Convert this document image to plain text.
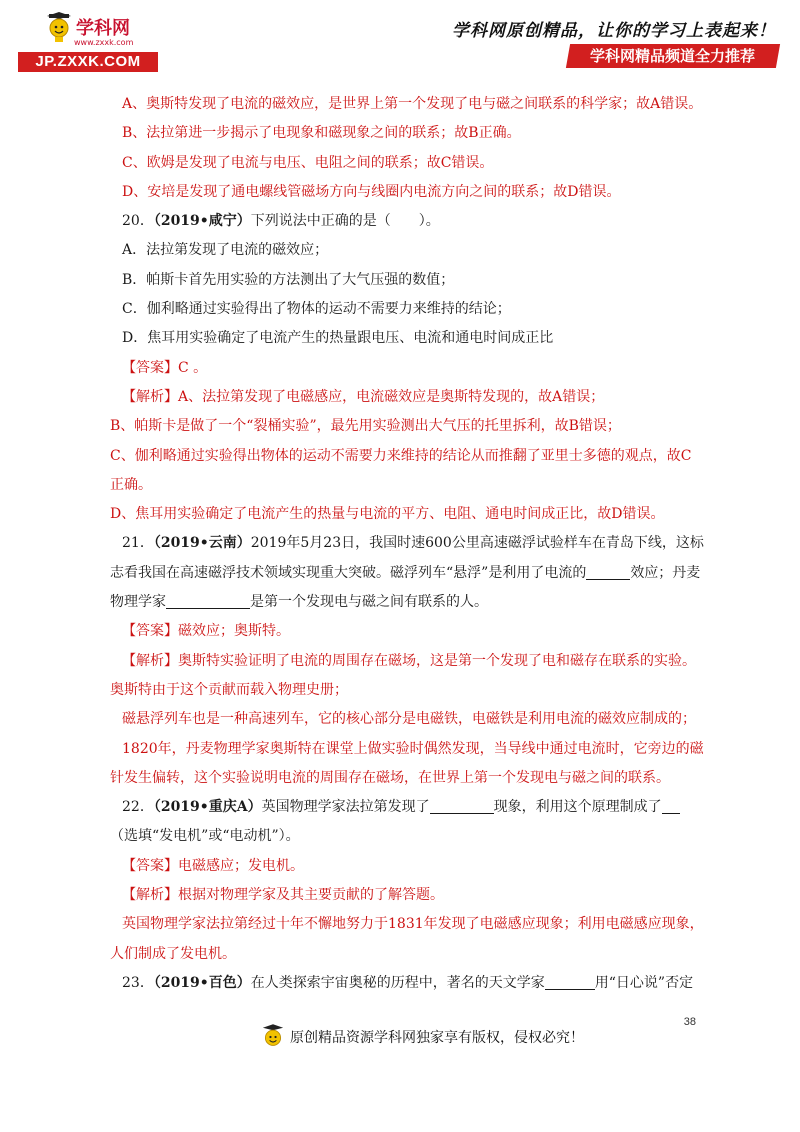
学科网
www.zxxk.com
JP.ZXXK.COM
学科网原创精品，让你的学习上表起来！
学科网精品频道全力推荐
A、奥斯特发现了电流的磁效应，是世界上第一个发现了电与磁之间联系的科学家；故A错误。
B、法拉第进一步揭示了电现象和磁现象之间的联系；故B正确。
C、欧姆是发现了电流与电压、电阻之间的联系；故C错误。
D、安培是发现了通电螺线管磁场方向与线圈内电流方向之间的联系；故D错误。
20．（2019•咸宁）下列说法中正确的是（　　）。
A．法拉第发现了电流的磁效应；
B．帕斯卡首先用实验的方法测出了大气压强的数值；
C．伽利略通过实验得出了物体的运动不需要力来维持的结论；
D．焦耳用实验确定了电流产生的热量跟电压、电流和通电时间成正比
【答案】C 。
【解析】A、法拉第发现了电磁感应，电流磁效应是奥斯特发现的，故A错误；
B、帕斯卡是做了一个“裂桶实验”，最先用实验测出大气压的托里拆利，故B错误；
C、伽利略通过实验得出物体的运动不需要力来维持的结论从而推翻了亚里士多德的观点，故C
正确。
D、焦耳用实验确定了电流产生的热量与电流的平方、电阻、通电时间成正比，故D错误。
21．（2019•云南）2019年5月23日，我国时速600公里高速磁浮试验样车在青岛下线，这标
志看我国在高速磁浮技术领域实现重大突破。磁浮列车“悬浮”是利用了电流的	效应；丹麦
物理学家	是第一个发现电与磁之间有联系的人。
【答案】磁效应；奥斯特。
【解析】奥斯特实验证明了电流的周围存在磁场，这是第一个发现了电和磁存在联系的实验。
奥斯特由于这个贡献而载入物理史册；
磁悬浮列车也是一种高速列车，它的核心部分是电磁铁，电磁铁是利用电流的磁效应制成的；
1820年，丹麦物理学家奥斯特在课堂上做实验时偶然发现，当导线中通过电流时，它旁边的磁
针发生偏转，这个实验说明电流的周围存在磁场，在世界上第一个发现电与磁之间的联系。
22．（2019•重庆A）英国物理学家法拉第发现了	现象，利用这个原理制成了
（选填“发电机”或“电动机”）。
【答案】电磁感应；发电机。
【解析】根据对物理学家及其主要贡献的了解答题。
英国物理学家法拉第经过十年不懈地努力于1831年发现了电磁感应现象；利用电磁感应现象，
人们制成了发电机。
23．（2019•百色）在人类探索宇宙奥秘的历程中，著名的天文学家	用“日心说”否定
38
原创精品资源学科网独家享有版权，侵权必究！
